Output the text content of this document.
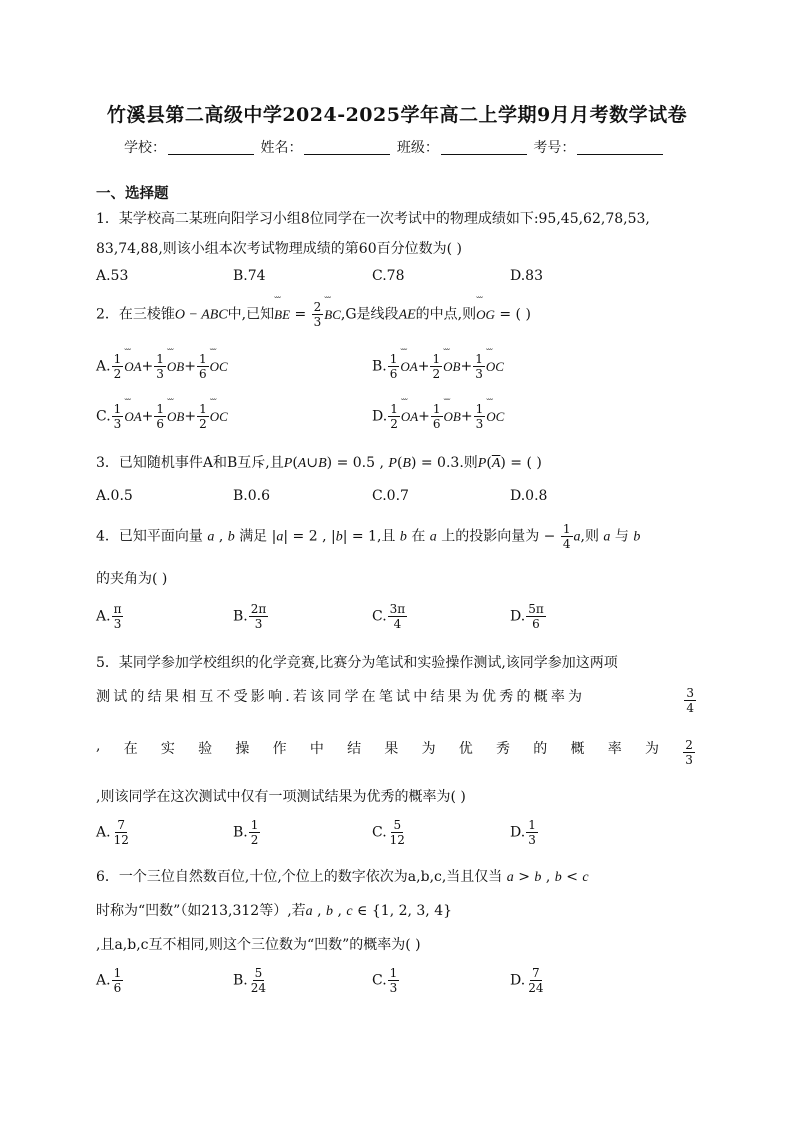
竹溪县第二高级中学2024-2025学年高二上学期9月月考数学试卷
学校：	姓名：	班级：	考号：
一、选择题
1．某学校高二某班向阳学习小组8位同学在一次考试中的物理成绩如下:95,45,62,78,53,
83,74,88,则该小组本次考试物理成绩的第60百分位数为( )
A.53	B.74	C.78	D.83
2．在三棱锥O − ABC中,已知˘˘˘ BE = $\frac{2}{3}$ ˘˘˘ BC,G是线段AE的中点,则˘˘˘ OG = ( )
A. $\frac{1}{2}$ ˘˘˘ $OA+ \frac{1}{3}$ ˘˘˘ $OB+ \frac{1}{6}$ ˘˘˘ OC	B. $\frac{1}{6}$ ˘˘˘ $OA+ \frac{1}{2}$ ˘˘˘ $OB+ \frac{1}{3}$ ˘˘˘ OC
C. $\frac{1}{3}$ ˘˘˘ $OA+ \frac{1}{6}$ ˘˘˘ $OB+ \frac{1}{2}$ ˘˘˘ OC	D. $\frac{1}{2}$ ˘˘˘ $OA+ \frac{1}{6}$ ˘˘˘ $OB+ \frac{1}{3}$ ˘˘˘ OC
3．已知随机事件A和B互斥,且P(A∪B) = 0.5 , P(B) = 0.3.则$P(\overline{A})$ = ( )
A.0.5	B.0.6	C.0.7	D.0.8
4．已知平面向量 a , b 满足 |a| = 2 , |b| = 1,且 b 在 a 上的投影向量为 − $\frac{1}{4} a$,则 a 与 b
的夹角为( )
A. $\frac{\pi}{3}$	B. $\frac{2\pi}{3}$	C. $\frac{3\pi}{4}$	D. $\frac{5\pi}{6}$
5．某同学参加学校组织的化学竞赛,比赛分为笔试和实验操作测试,该同学参加这两项
测试的结果相互不受影响.若该同学在笔试中结果为优秀的概率为	$\frac{3}{4}$
, 在 实 验 操 作 中 结 果 为 优 秀 的 概 率 为 $\frac{2}{3}$
,则该同学在这次测试中仅有一项测试结果为优秀的概率为( )
A. $\frac{7}{12}$	B. $\frac{1}{2}$	C. $\frac{5}{12}$	D. $\frac{1}{3}$
6．一个三位自然数百位,十位,个位上的数字依次为a,b,c,当且仅当 a > b , b < c
时称为“凹数”（如213,312等）,若a , b , c ∈ {1, 2, 3, 4}
,且a,b,c互不相同,则这个三位数为“凹数”的概率为( )
A. $\frac{1}{6}$	B. $\frac{5}{24}$	C. $\frac{1}{3}$	D. $\frac{7}{24}$
